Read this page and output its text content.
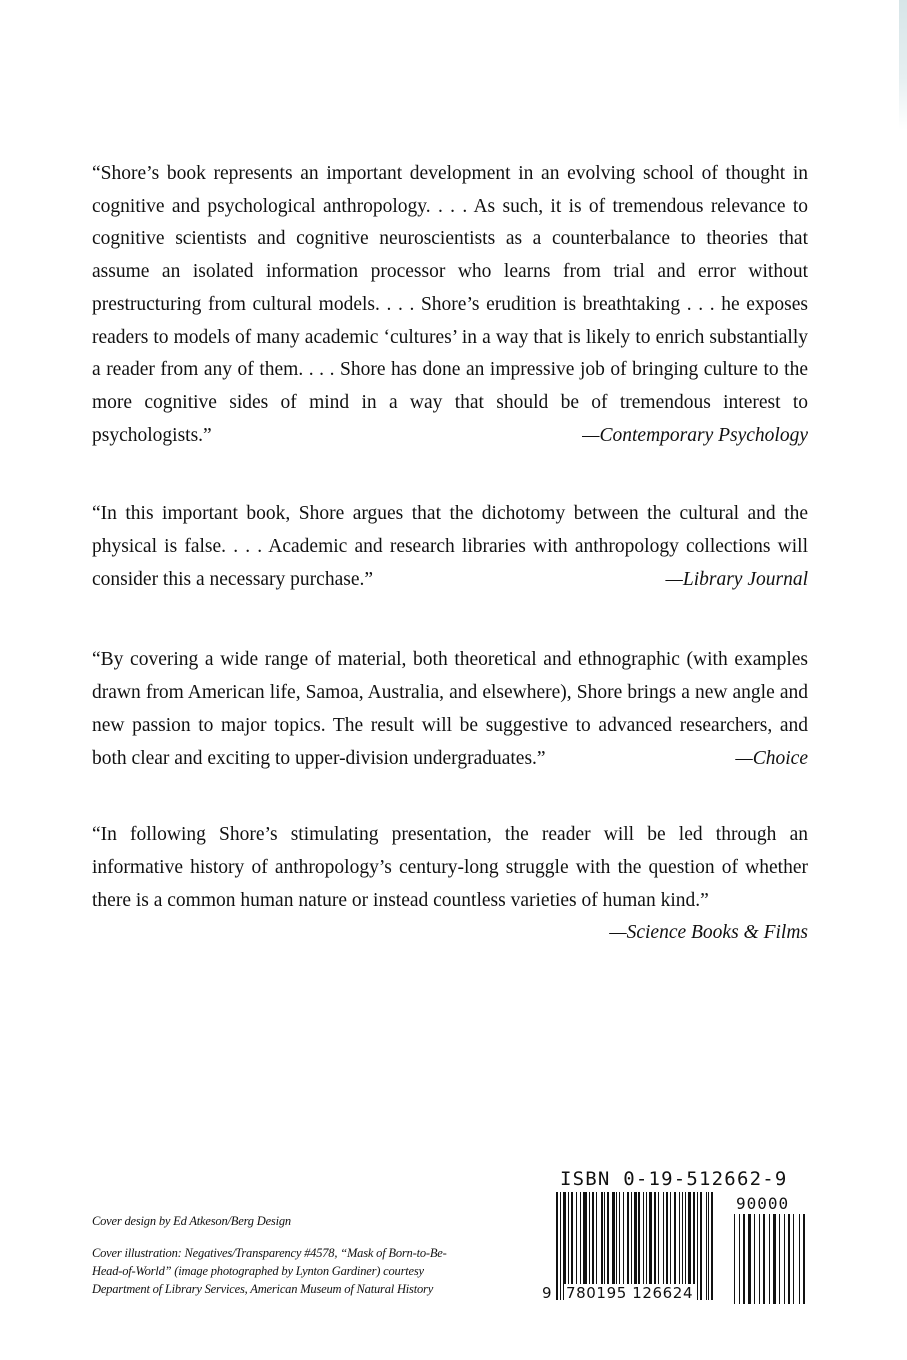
“Shore’s book represents an important development in an evolving school of thought in cognitive and psychological anthropology. . . . As such, it is of tremendous relevance to cognitive scientists and cognitive neuroscientists as a counterbalance to theories that assume an isolated information processor who learns from trial and error without prestructuring from cultural models. . . . Shore’s erudition is breathtaking . . . he exposes readers to models of many academic ‘cultures’ in a way that is likely to enrich substantially a reader from any of them. . . . Shore has done an impressive job of bringing culture to the more cognitive sides of mind in a way that should be of tremendous interest to psychologists.”	—Contemporary Psychology

“In this important book, Shore argues that the dichotomy between the cultural and the physical is false. . . . Academic and research libraries with anthropology collections will consider this a necessary purchase.”	—Library Journal

“By covering a wide range of material, both theoretical and ethnographic (with examples drawn from American life, Samoa, Australia, and elsewhere), Shore brings a new angle and new passion to major topics. The result will be suggestive to advanced researchers, and both clear and exciting to upper-division undergraduates.”	—Choice

“In following Shore’s stimulating presentation, the reader will be led through an informative history of anthropology’s century-long struggle with the question of whether there is a common human nature or instead countless varieties of human kind.”
—Science Books & Films

Cover design by Ed Atkeson/Berg Design

Cover illustration: Negatives/Transparency #4578, “Mask of Born-to-Be-Head-of-World” (image photographed by Lynton Gardiner) courtesy Department of Library Services, American Museum of Natural History

ISBN 0-19-512662-9
90000
9 780195 126624
